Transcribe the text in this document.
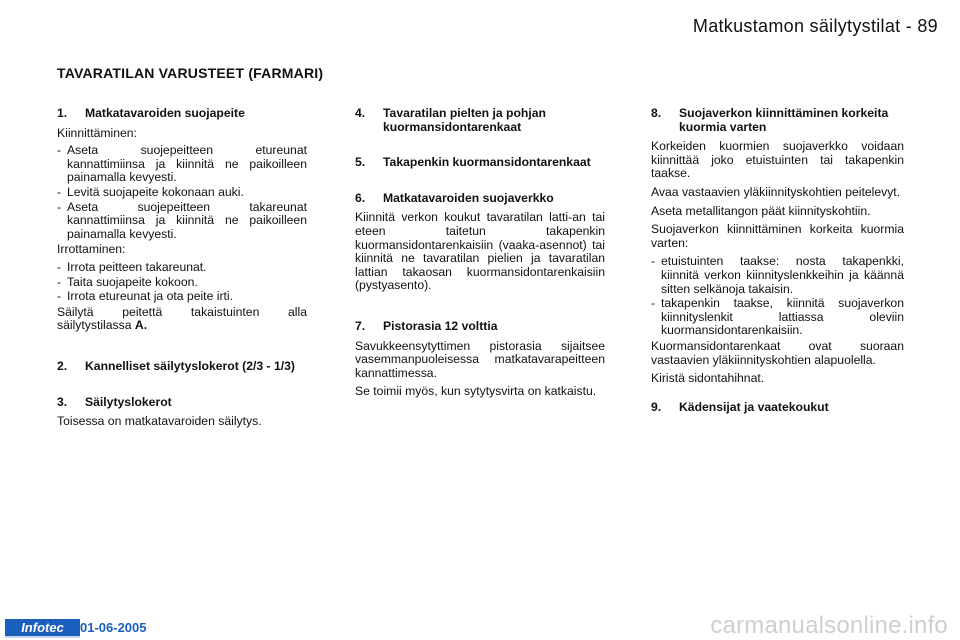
Matkustamon säilytystilat - 89
TAVARATILAN VARUSTEET (FARMARI)
1.	Matkatavaroiden suojapeite

Kiinnittäminen:

- Aseta suojepeitteen etureunat kannattimiinsa ja kiinnitä ne paikoilleen painamalla kevyesti.
- Levitä suojapeite kokonaan auki.
- Aseta suojepeitteen takareunat kannattimiinsa ja kiinnitä ne paikoilleen painamalla kevyesti.

Irrottaminen:

- Irrota peitteen takareunat.
- Taita suojapeite kokoon.
- Irrota etureunat ja ota peite irti.

Säilytä peitettä takaistuinten alla säilytystilassa A.

2.	Kannelliset säilytyslokerot (2/3 - 1/3)
3.	Säilytyslokerot

Toisessa on matkatavaroiden säilytys.

4.	Tavaratilan pielten ja pohjan kuormansidontarenkaat
5.	Takapenkin kuormansidontarenkaat
6.	Matkatavaroiden suojaverkko

Kiinnitä verkon koukut tavaratilan latti-an tai eteen taitetun takapenkin kuormansidontarenkaisiin (vaaka-asennot) tai kiinnitä ne tavaratilan pielien ja tavaratilan lattian takaosan kuormansidontarenkaisiin (pystyasento).

7.	Pistorasia 12 volttia

Savukkeensytyttimen pistorasia sijaitsee vasemmanpuoleisessa matkatavarapeitteen kannattimessa.

Se toimii myös, kun sytytysvirta on katkaistu.

8.	Suojaverkon kiinnittäminen korkeita kuormia varten

Korkeiden kuormien suojaverkko voidaan kiinnittää joko etuistuinten tai takapenkin taakse.

Avaa vastaavien yläkiinnityskohtien peitelevyt.

Aseta metallitangon päät kiinnityskohtiin.

Suojaverkon kiinnittäminen korkeita kuormia varten:

- etuistuinten taakse: nosta takapenkki, kiinnitä verkon kiinnityslenkkeihin ja käännä sitten selkänoja takaisin.
- takapenkin taakse, kiinnitä suojaverkon kiinnityslenkit lattiassa oleviin kuormansidontarenkaisiin.

Kuormansidontarenkaat ovat suoraan vastaavien yläkiinnityskohtien alapuolella.

Kiristä sidontahihnat.

9.	Kädensijat ja vaatekoukut
Infotec	01-06-2005	carmanualsonline.info
